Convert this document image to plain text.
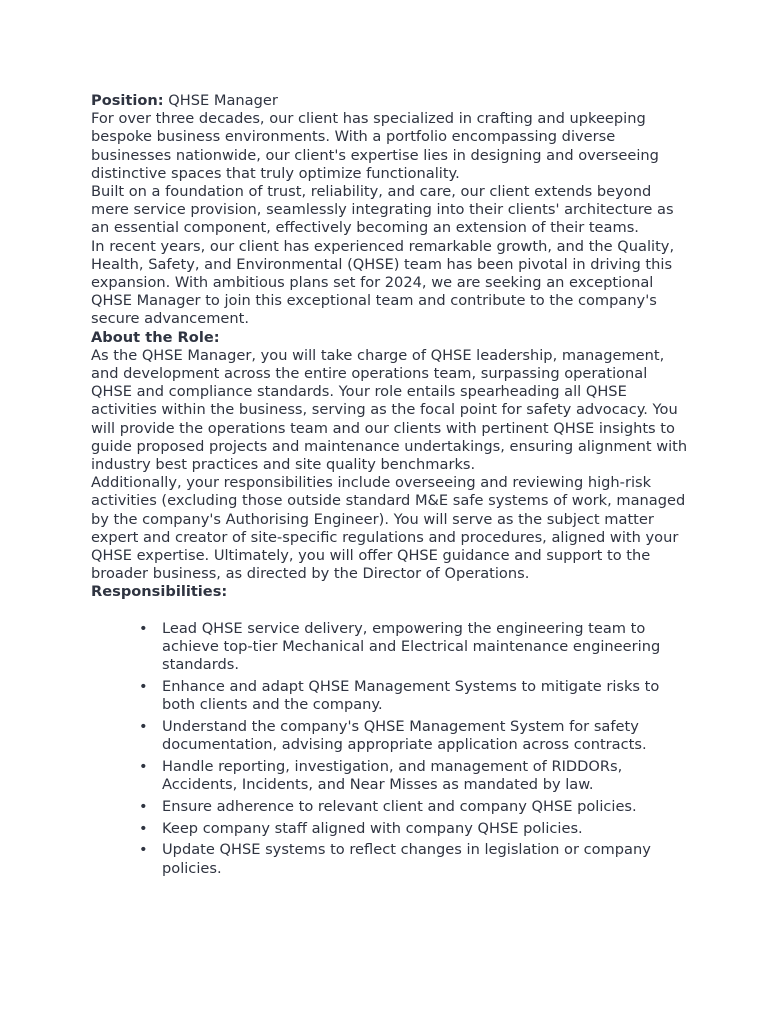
Position: QHSE Manager

For over three decades, our client has specialized in crafting and upkeeping bespoke business environments. With a portfolio encompassing diverse businesses nationwide, our client's expertise lies in designing and overseeing distinctive spaces that truly optimize functionality.

Built on a foundation of trust, reliability, and care, our client extends beyond mere service provision, seamlessly integrating into their clients' architecture as an essential component, effectively becoming an extension of their teams.

In recent years, our client has experienced remarkable growth, and the Quality, Health, Safety, and Environmental (QHSE) team has been pivotal in driving this expansion. With ambitious plans set for 2024, we are seeking an exceptional QHSE Manager to join this exceptional team and contribute to the company's secure advancement.

About the Role:

As the QHSE Manager, you will take charge of QHSE leadership, management, and development across the entire operations team, surpassing operational QHSE and compliance standards. Your role entails spearheading all QHSE activities within the business, serving as the focal point for safety advocacy. You will provide the operations team and our clients with pertinent QHSE insights to guide proposed projects and maintenance undertakings, ensuring alignment with industry best practices and site quality benchmarks.

Additionally, your responsibilities include overseeing and reviewing high-risk activities (excluding those outside standard M&E safe systems of work, managed by the company's Authorising Engineer). You will serve as the subject matter expert and creator of site-specific regulations and procedures, aligned with your QHSE expertise. Ultimately, you will offer QHSE guidance and support to the broader business, as directed by the Director of Operations.

Responsibilities:

• Lead QHSE service delivery, empowering the engineering team to achieve top-tier Mechanical and Electrical maintenance engineering standards.
• Enhance and adapt QHSE Management Systems to mitigate risks to both clients and the company.
• Understand the company's QHSE Management System for safety documentation, advising appropriate application across contracts.
• Handle reporting, investigation, and management of RIDDORs, Accidents, Incidents, and Near Misses as mandated by law.
• Ensure adherence to relevant client and company QHSE policies.
• Keep company staff aligned with company QHSE policies.
• Update QHSE systems to reflect changes in legislation or company policies.
